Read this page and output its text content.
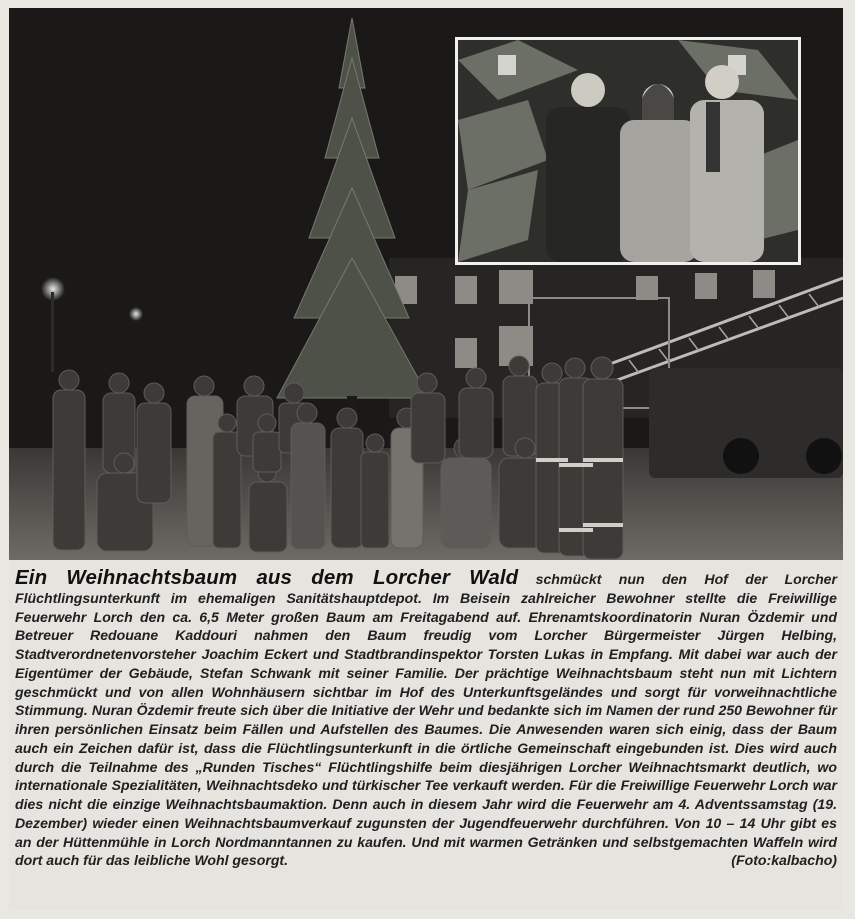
Ein Weihnachtsbaum aus dem Lorcher Wald schmückt nun den Hof der Lorcher Flüchtlingsunterkunft im ehemaligen Sanitätshauptdepot. Im Beisein zahlreicher Bewohner stellte die Freiwillige Feuerwehr Lorch den ca. 6,5 Meter großen Baum am Freitagabend auf. Ehrenamtskoordinatorin Nuran Özdemir und Betreuer Redouane Kaddouri nahmen den Baum freudig vom Lorcher Bürgermeister Jürgen Helbing, Stadtverordnetenvorsteher Joachim Eckert und Stadtbrandinspektor Torsten Lukas in Empfang. Mit dabei war auch der Eigentümer der Gebäude, Stefan Schwank mit seiner Familie. Der prächtige Weihnachtsbaum steht nun mit Lichtern geschmückt und von allen Wohnhäusern sichtbar im Hof des Unterkunftsgeländes und sorgt für vorweihnachtliche Stimmung. Nuran Özdemir freute sich über die Initiative der Wehr und bedankte sich im Namen der rund 250 Bewohner für ihren persönlichen Einsatz beim Fällen und Aufstellen des Baumes. Die Anwesenden waren sich einig, dass der Baum auch ein Zeichen dafür ist, dass die Flüchtlingsunterkunft in die örtliche Gemeinschaft eingebunden ist. Dies wird auch durch die Teilnahme des „Runden Tisches“ Flüchtlingshilfe beim diesjährigen Lorcher Weihnachtsmarkt deutlich, wo internationale Spezialitäten, Weihnachtsdeko und türkischer Tee verkauft werden. Für die Freiwillige Feuerwehr Lorch war dies nicht die einzige Weihnachtsbaumaktion. Denn auch in diesem Jahr wird die Feuerwehr am 4. Adventssamstag (19. Dezember) wieder einen Weihnachtsbaumverkauf zugunsten der Jugendfeuerwehr durchführen. Von 10 – 14 Uhr gibt es an der Hüttenmühle in Lorch Nordmanntannen zu kaufen. Und mit warmen Getränken und selbstgemachten Waffeln wird dort auch für das leibliche Wohl gesorgt.	(Foto:kalbacho)
